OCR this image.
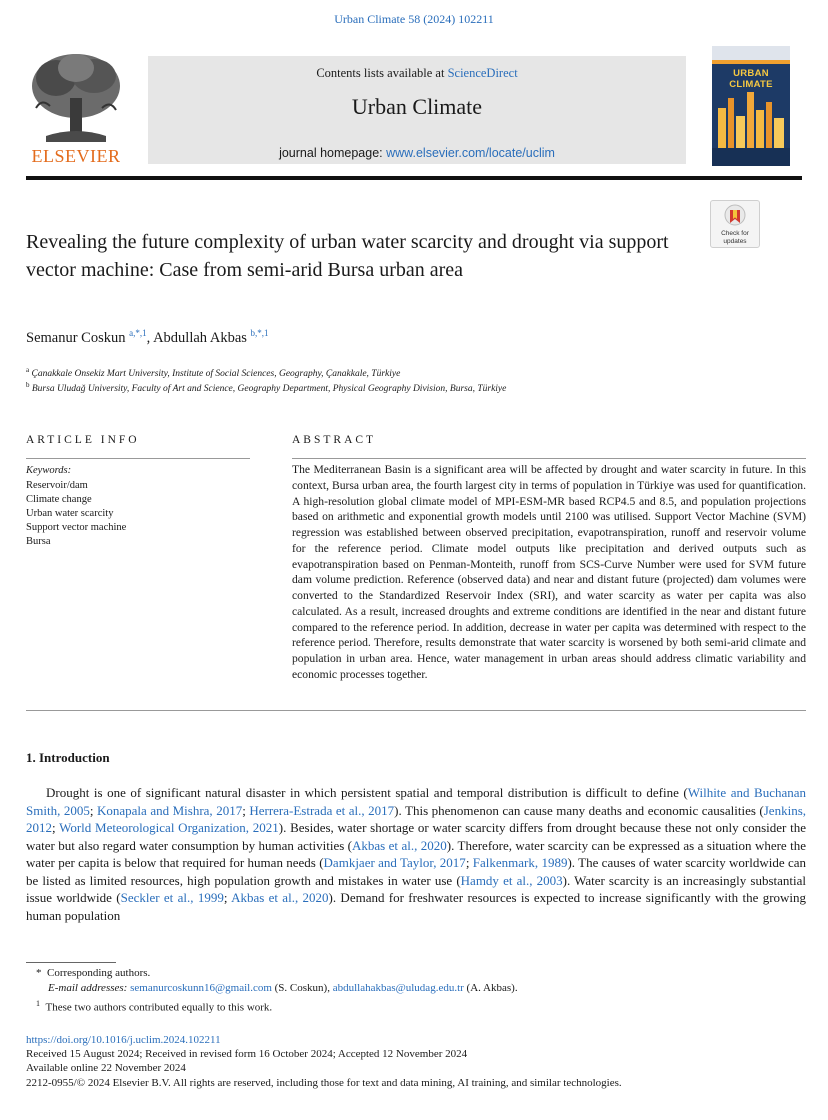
Urban Climate 58 (2024) 102211
ELSEVIER
Contents lists available at ScienceDirect
Urban Climate
journal homepage: www.elsevier.com/locate/uclim
URBAN CLIMATE
Check for updates
Revealing the future complexity of urban water scarcity and drought via support vector machine: Case from semi-arid Bursa urban area
Semanur Coskun $^{a,*,1}$, Abdullah Akbas $^{b,*,1}$
$^a$ Çanakkale Onsekiz Mart University, Institute of Social Sciences, Geography, Çanakkale, Türkiye
$^b$ Bursa Uludağ University, Faculty of Art and Science, Geography Department, Physical Geography Division, Bursa, Türkiye
ARTICLE INFO	ABSTRACT
Keywords:
Reservoir/dam
Climate change
Urban water scarcity
Support vector machine
Bursa
The Mediterranean Basin is a significant area will be affected by drought and water scarcity in future. In this context, Bursa urban area, the fourth largest city in terms of population in Türkiye was used for quantification. A high-resolution global climate model of MPI-ESM-MR based RCP4.5 and 8.5, and population projections based on arithmetic and exponential growth models until 2100 was utilised. Support Vector Machine (SVM) regression was established between observed precipitation, evapotranspiration, runoff and reservoir volume for the reference period. Climate model outputs like precipitation and derived outputs such as evapotranspiration based on Penman-Monteith, runoff from SCS-Curve Number were used for SVM future dam volume prediction. Reference (observed data) and near and distant future (projected) dam volumes were converted to the Standardized Reservoir Index (SRI), and water scarcity as water per capita was also calculated. As a result, increased droughts and extreme conditions are identified in the near and distant future compared to the reference period. In addition, decrease in water per capita was determined with respect to the reference period. Therefore, results demonstrate that water scarcity is worsened by both semi-arid climate and population in urban area. Hence, water management in urban areas should address climatic variability and economic processes together.
1. Introduction
Drought is one of significant natural disaster in which persistent spatial and temporal distribution is difficult to define (Wilhite and Buchanan Smith, 2005; Konapala and Mishra, 2017; Herrera-Estrada et al., 2017). This phenomenon can cause many deaths and economic causalities (Jenkins, 2012; World Meteorological Organization, 2021). Besides, water shortage or water scarcity differs from drought because these not only consider the water but also regard water consumption by human activities (Akbas et al., 2020). Therefore, water scarcity can be expressed as a situation where the water per capita is below that required for human needs (Damkjaer and Taylor, 2017; Falkenmark, 1989). The causes of water scarcity worldwide can be listed as limited resources, high population growth and mistakes in water use (Hamdy et al., 2003). Water scarcity is an increasingly substantial issue worldwide (Seckler et al., 1999; Akbas et al., 2020). Demand for freshwater resources is expected to increase significantly with the growing human population
*  Corresponding authors.
E-mail addresses: semanurcoskunn16@gmail.com (S. Coskun), abdullahakbas@uludag.edu.tr (A. Akbas).
$^1$ These two authors contributed equally to this work.
https://doi.org/10.1016/j.uclim.2024.102211
Received 15 August 2024; Received in revised form 16 October 2024; Accepted 12 November 2024
Available online 22 November 2024
2212-0955/© 2024 Elsevier B.V. All rights are reserved, including those for text and data mining, AI training, and similar technologies.
